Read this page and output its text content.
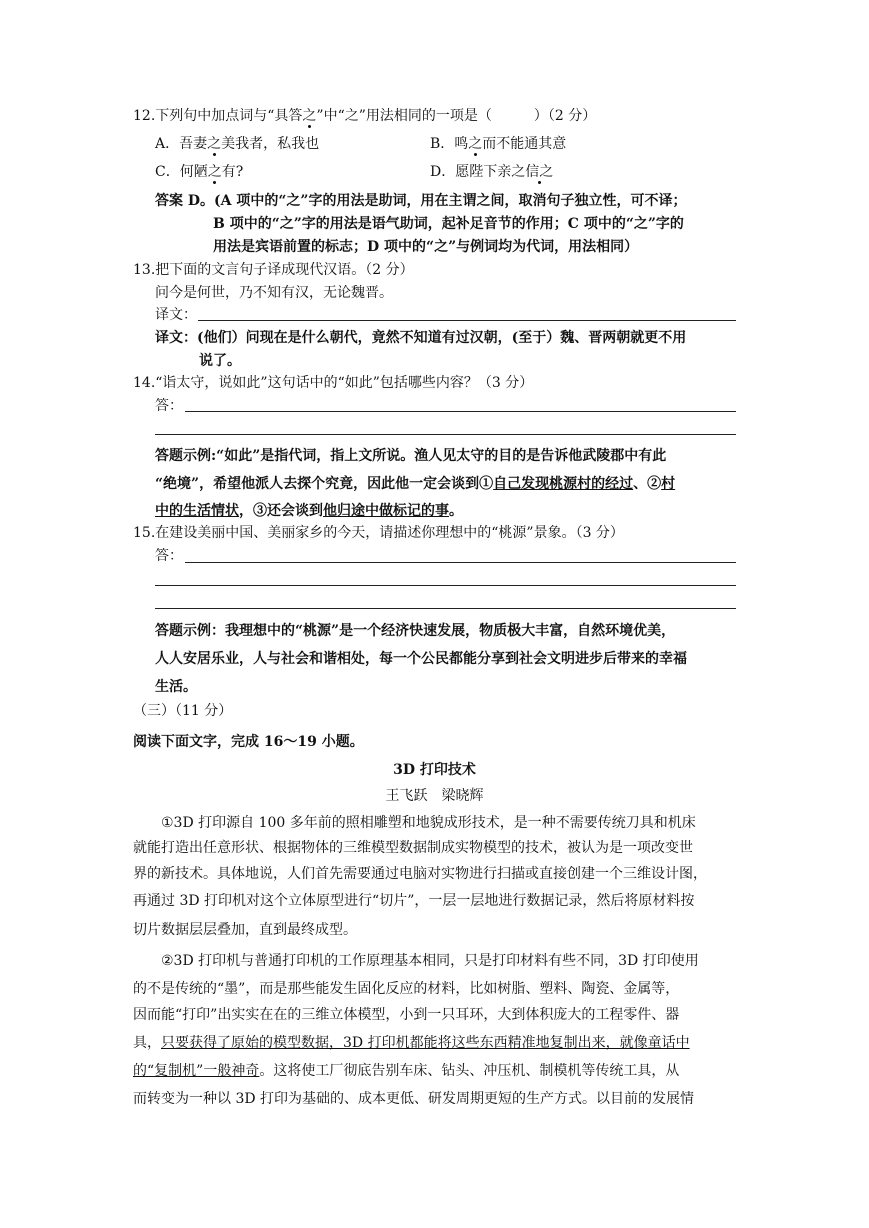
12.下列句中加点词与“具答之”中“之”用法相同的一项是（　　　）（2 分）
A．吾妻之美我者，私我也	B．鸣之而不能通其意
C．何陋之有?	D．愿陛下亲之信之
答案 D。(A 项中的“之”字的用法是助词，用在主谓之间，取消句子独立性，可不译；
B 项中的“之”字的用法是语气助词，起补足音节的作用；C 项中的“之”字的
用法是宾语前置的标志；D 项中的“之”与例词均为代词，用法相同）
13.把下面的文言句子译成现代汉语。（2 分）
问今是何世，乃不知有汉，无论魏晋。
译文：
译文：(他们）问现在是什么朝代，竟然不知道有过汉朝，(至于）魏、晋两朝就更不用
说了。
14.“诣太守，说如此”这句话中的“如此”包括哪些内容？（3 分）
答：
答题示例:“如此”是指代词，指上文所说。渔人见太守的目的是告诉他武陵郡中有此
“绝境”，希望他派人去探个究竟，因此他一定会谈到①自己发现桃源村的经过、②村
中的生活情状，③还会谈到他归途中做标记的事。
15.在建设美丽中国、美丽家乡的今天，请描述你理想中的“桃源”景象。（3 分）
答：
答题示例：我理想中的“桃源”是一个经济快速发展，物质极大丰富，自然环境优美，
人人安居乐业，人与社会和谐相处，每一个公民都能分享到社会文明进步后带来的幸福
生活。
（三）（11 分）
阅读下面文字，完成 16～19 小题。
3D 打印技术
王飞跃　梁晓辉
①3D 打印源自 100 多年前的照相雕塑和地貌成形技术，是一种不需要传统刀具和机床
就能打造出任意形状、根据物体的三维模型数据制成实物模型的技术，被认为是一项改变世
界的新技术。具体地说，人们首先需要通过电脑对实物进行扫描或直接创建一个三维设计图，
再通过 3D 打印机对这个立体原型进行“切片”，一层一层地进行数据记录，然后将原材料按
切片数据层层叠加，直到最终成型。
②3D 打印机与普通打印机的工作原理基本相同，只是打印材料有些不同，3D 打印使用
的不是传统的“墨”，而是那些能发生固化反应的材料，比如树脂、塑料、陶瓷、金属等，
因而能“打印”出实实在在的三维立体模型，小到一只耳环，大到体积庞大的工程零件、器
具，只要获得了原始的模型数据，3D 打印机都能将这些东西精准地复制出来，就像童话中
的“复制机”一般神奇。这将使工厂彻底告别车床、钻头、冲压机、制模机等传统工具，从
而转变为一种以 3D 打印为基础的、成本更低、研发周期更短的生产方式。以目前的发展情
